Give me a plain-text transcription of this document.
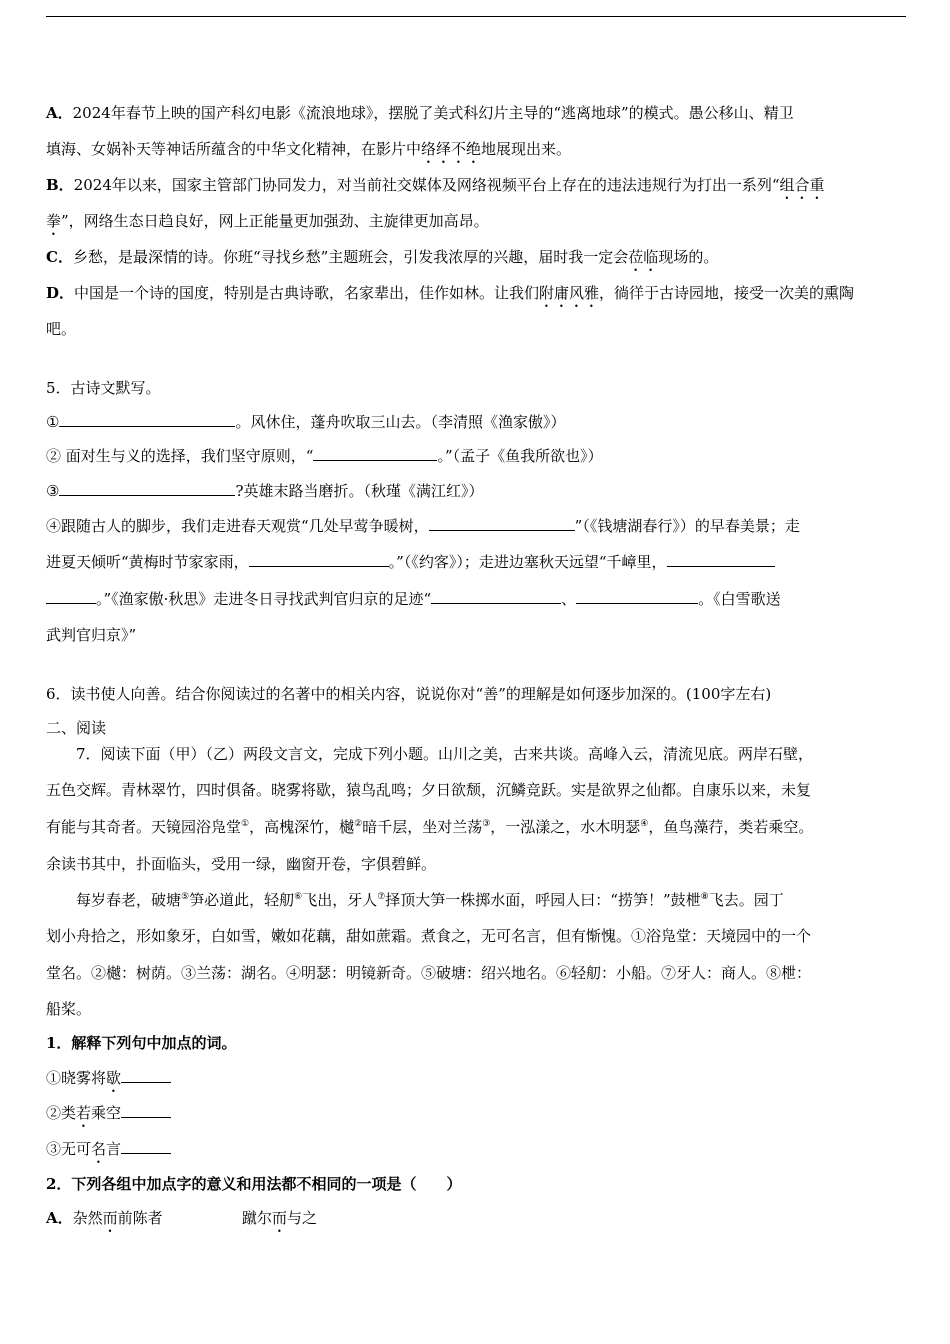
A．2024年春节上映的国产科幻电影《流浪地球》，摆脱了美式科幻片主导的“逃离地球”的模式。愚公移山、精卫
填海、女娲补天等神话所蕴含的中华文化精神，在影片中络绎不绝地展现出来。
B．2024年以来，国家主管部门协同发力，对当前社交媒体及网络视频平台上存在的违法违规行为打出一系列“组合重
拳”，网络生态日趋良好，网上正能量更加强劲、主旋律更加高昂。
C．乡愁，是最深情的诗。你班“寻找乡愁”主题班会，引发我浓厚的兴趣，届时我一定会莅临现场的。
D．中国是一个诗的国度，特别是古典诗歌，名家辈出，佳作如林。让我们附庸风雅，徜徉于古诗园地，接受一次美的熏陶
吧。
5．古诗文默写。
①	。风休住，蓬舟吹取三山去。（李清照《渔家傲》）
② 面对生与义的选择，我们坚守原则，“	。”（孟子《鱼我所欲也》）
③	?英雄末路当磨折。（秋瑾《满江红》）
④跟随古人的脚步，我们走进春天观赏“几处早莺争暖树，	”（《钱塘湖春行》）的早春美景；走
进夏天倾听“黄梅时节家家雨，	。”（《约客》）；走进边塞秋天远望“千嶂里，
。”《渔家傲·秋思》走进冬日寻找武判官归京的足迹“	、	。《白雪歌送
武判官归京》”
6．读书使人向善。结合你阅读过的名著中的相关内容，说说你对“善”的理解是如何逐步加深的。(100字左右)
二、阅读
7．阅读下面（甲）（乙）两段文言文，完成下列小题。山川之美，古来共谈。高峰入云，清流见底。两岸石壁，
五色交辉。青林翠竹，四时俱备。晓雾将歇，猿鸟乱鸣；夕日欲颓，沉鳞竞跃。实是欲界之仙都。自康乐以来，未复
有能与其奇者。天镜园浴凫堂①，高槐深竹，樾②暗千层，坐对兰荡③，一泓漾之，水木明瑟④，鱼鸟藻荇，类若乘空。
余读书其中，扑面临头，受用一绿，幽窗开卷，字俱碧鲜。
每岁春老，破塘⑤笋必道此，轻舠⑥飞出，牙人⑦择顶大笋一株掷水面，呼园人曰：“捞笋！”鼓枻⑧飞去。园丁
划小舟拾之，形如象牙，白如雪，嫩如花藕，甜如蔗霜。煮食之，无可名言，但有惭愧。①浴凫堂：天境园中的一个
堂名。②樾：树荫。③兰荡：湖名。④明瑟：明镜新奇。⑤破塘：绍兴地名。⑥轻舠：小船。⑦牙人：商人。⑧枻：
船桨。
1．解释下列句中加点的词。
①晓雾将歇
②类若乘空
③无可名言
2．下列各组中加点字的意义和用法都不相同的一项是（　　）
A．杂然而前陈者	蹴尔而与之
